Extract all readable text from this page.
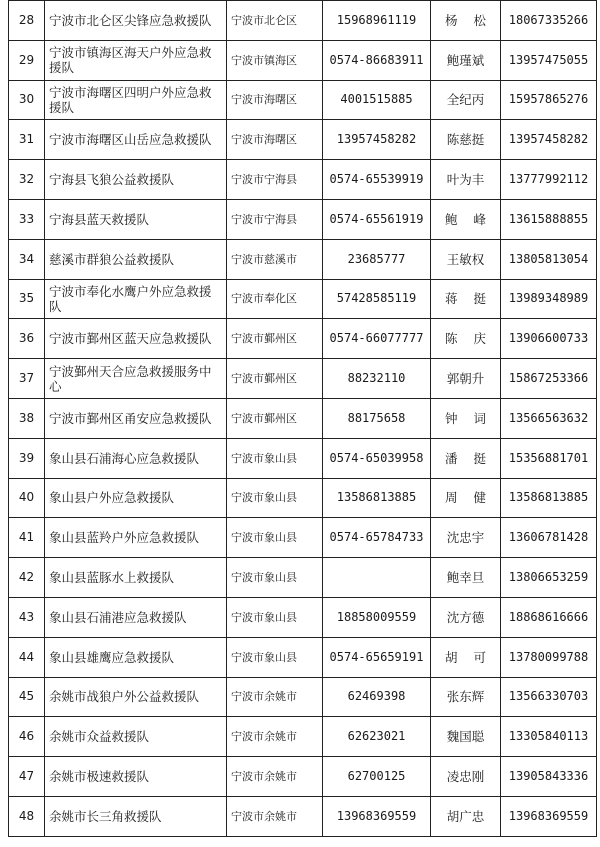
28	宁波市北仑区尖锋应急救援队	宁波市北仑区	15968961119	杨 松	18067335266
29	宁波市镇海区海天户外应急救援队	宁波市镇海区	0574-86683911	鲍瑾斌	13957475055
30	宁波市海曙区四明户外应急救援队	宁波市海曙区	4001515885	全纪丙	15957865276
31	宁波市海曙区山岳应急救援队	宁波市海曙区	13957458282	陈慈挺	13957458282
32	宁海县飞狼公益救援队	宁波市宁海县	0574-65539919	叶为丰	13777992112
33	宁海县蓝天救援队	宁波市宁海县	0574-65561919	鲍 峰	13615888855
34	慈溪市群狼公益救援队	宁波市慈溪市	23685777	王敏权	13805813054
35	宁波市奉化水鹰户外应急救援队	宁波市奉化区	57428585119	蒋 挺	13989348989
36	宁波市鄞州区蓝天应急救援队	宁波市鄞州区	0574-66077777	陈 庆	13906600733
37	宁波鄞州天合应急救援服务中心	宁波市鄞州区	88232110	郭朝升	15867253366
38	宁波市鄞州区甬安应急救援队	宁波市鄞州区	88175658	钟 词	13566563632
39	象山县石浦海心应急救援队	宁波市象山县	0574-65039958	潘 挺	15356881701
40	象山县户外应急救援队	宁波市象山县	13586813885	周 健	13586813885
41	象山县蓝羚户外应急救援队	宁波市象山县	0574-65784733	沈忠宇	13606781428
42	象山县蓝豚水上救援队	宁波市象山县		鲍幸旦	13806653259
43	象山县石浦港应急救援队	宁波市象山县	18858009559	沈方德	18868616666
44	象山县雄鹰应急救援队	宁波市象山县	0574-65659191	胡 可	13780099788
45	余姚市战狼户外公益救援队	宁波市余姚市	62469398	张东辉	13566330703
46	余姚市众益救援队	宁波市余姚市	62623021	魏国聪	13305840113
47	余姚市极速救援队	宁波市余姚市	62700125	凌忠刚	13905843336
48	余姚市长三角救援队	宁波市余姚市	13968369559	胡广忠	13968369559
